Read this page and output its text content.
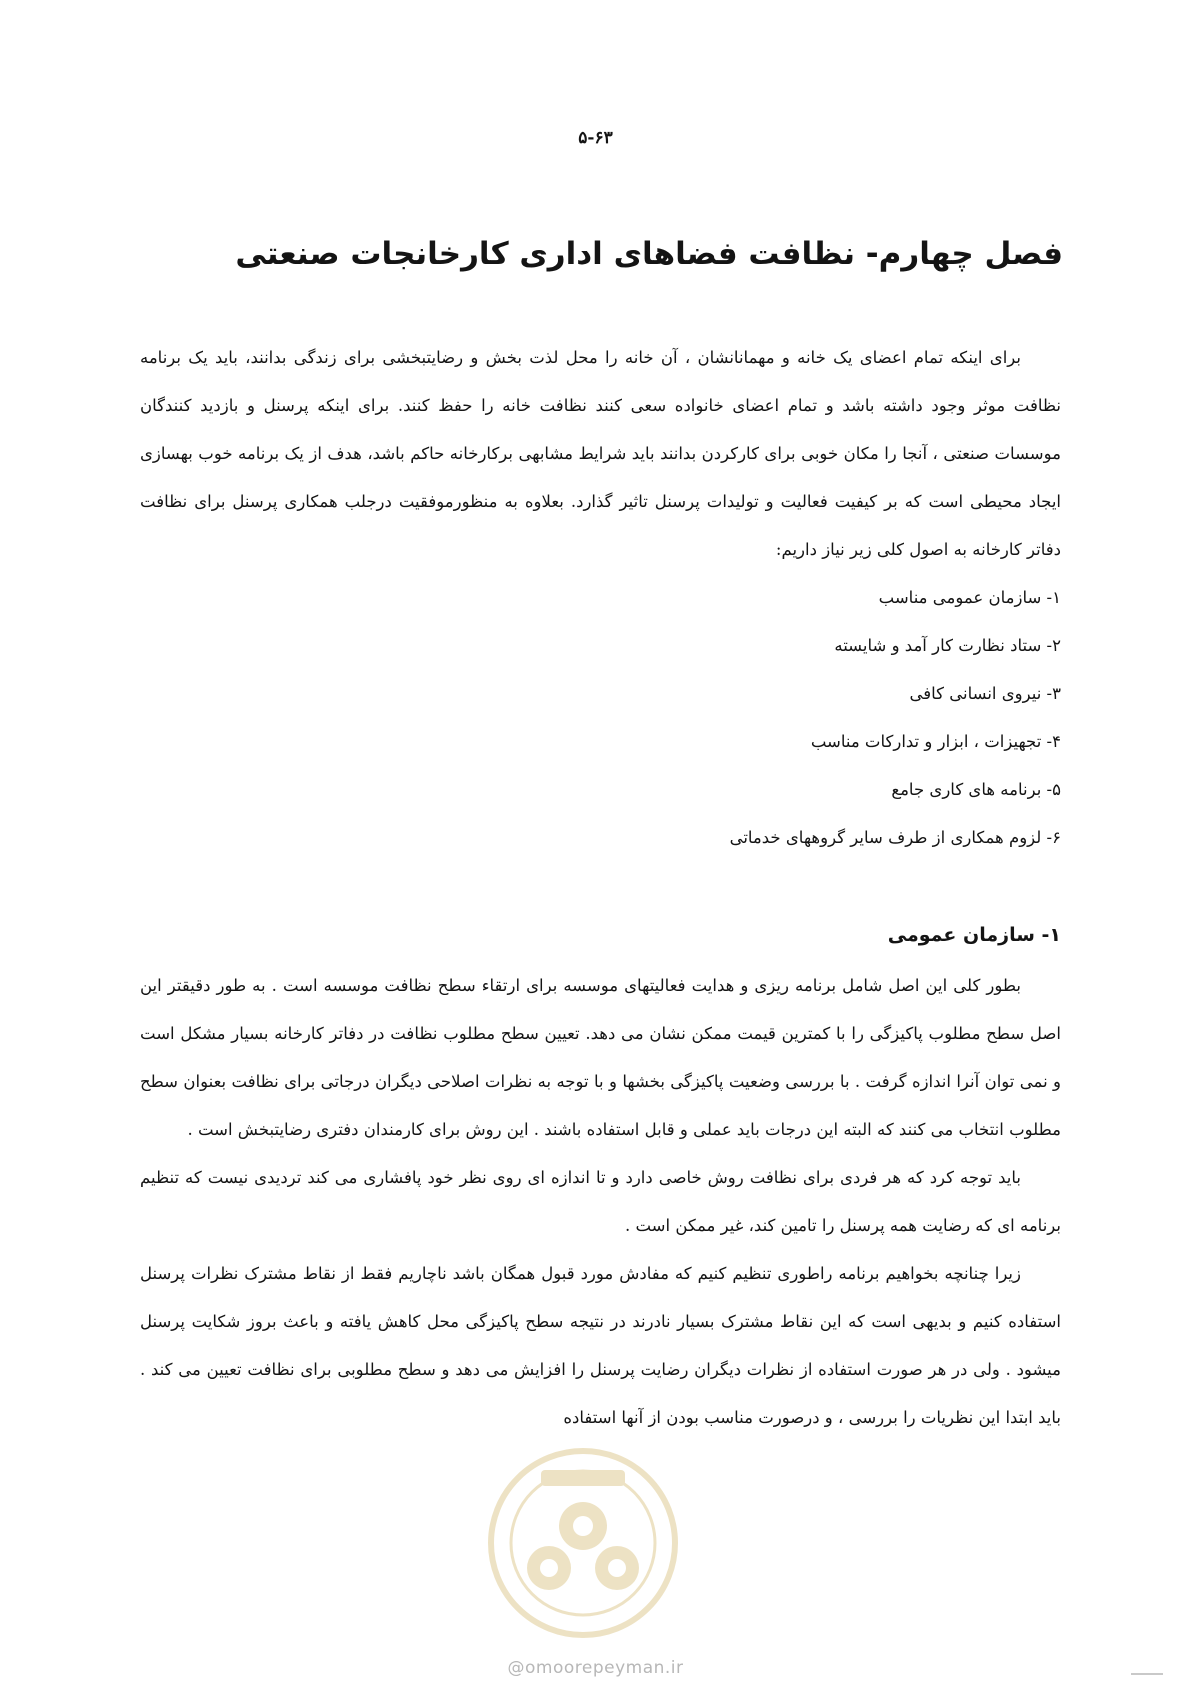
۵-۶۳
فصل چهارم- نظافت فضاهای اداری کارخانجات صنعتی

برای اینکه تمام اعضای یک خانه و مهمانانشان ، آن خانه را محل لذت بخش و رضایتبخشی برای زندگی بدانند، باید یک برنامه نظافت موثر وجود داشته باشد و تمام اعضای خانواده سعی کنند نظافت خانه را حفظ کنند. برای اینکه پرسنل و بازدید کنندگان موسسات صنعتی ، آنجا را مکان خوبی برای کارکردن بدانند باید شرایط مشابهی برکارخانه حاکم باشد، هدف از یک برنامه خوب بهسازی ایجاد محیطی است که بر کیفیت فعالیت و تولیدات پرسنل تاثیر گذارد. بعلاوه به منظورموفقیت درجلب همکاری پرسنل برای نظافت دفاتر کارخانه به اصول کلی زیر نیاز داریم:

۱- سازمان عمومی مناسب

۲- ستاد نظارت کار آمد و شایسته

۳- نیروی انسانی کافی

۴- تجهیزات ، ابزار و تدارکات مناسب

۵- برنامه های کاری جامع

۶- لزوم همکاری از طرف سایر گروههای خدماتی

۱- سازمان عمومی

بطور کلی این اصل شامل برنامه ریزی و هدایت فعالیتهای موسسه برای ارتقاء سطح نظافت موسسه است . به طور دقیقتر این اصل سطح مطلوب پاکیزگی را با کمترین قیمت ممکن نشان می دهد. تعیین سطح مطلوب نظافت در دفاتر کارخانه بسیار مشکل است و نمی توان آنرا اندازه گرفت . با بررسی وضعیت پاکیزگی بخشها و با توجه به نظرات اصلاحی دیگران درجاتی برای نظافت بعنوان سطح مطلوب انتخاب می کنند که البته این درجات باید عملی و قابل استفاده باشند . این روش برای کارمندان دفتری رضایتبخش است .

باید توجه کرد که هر فردی برای نظافت روش خاصی دارد و تا اندازه ای روی نظر خود پافشاری می کند تردیدی نیست که تنظیم برنامه ای که رضایت همه پرسنل را تامین کند، غیر ممکن است .

زیرا چنانچه بخواهیم برنامه راطوری تنظیم کنیم که مفادش مورد قبول همگان باشد ناچاریم فقط از نقاط مشترک نظرات پرسنل استفاده کنیم و بدیهی است که این نقاط مشترک بسیار نادرند در نتیجه سطح پاکیزگی محل کاهش یافته و باعث بروز شکایت پرسنل میشود . ولی در هر صورت استفاده از نظرات دیگران رضایت پرسنل را افزایش می دهد و سطح مطلوبی برای نظافت تعیین می کند . باید ابتدا این نظریات را بررسی ، و درصورت مناسب بودن از آنها استفاده

@omoorepeyman.ir
